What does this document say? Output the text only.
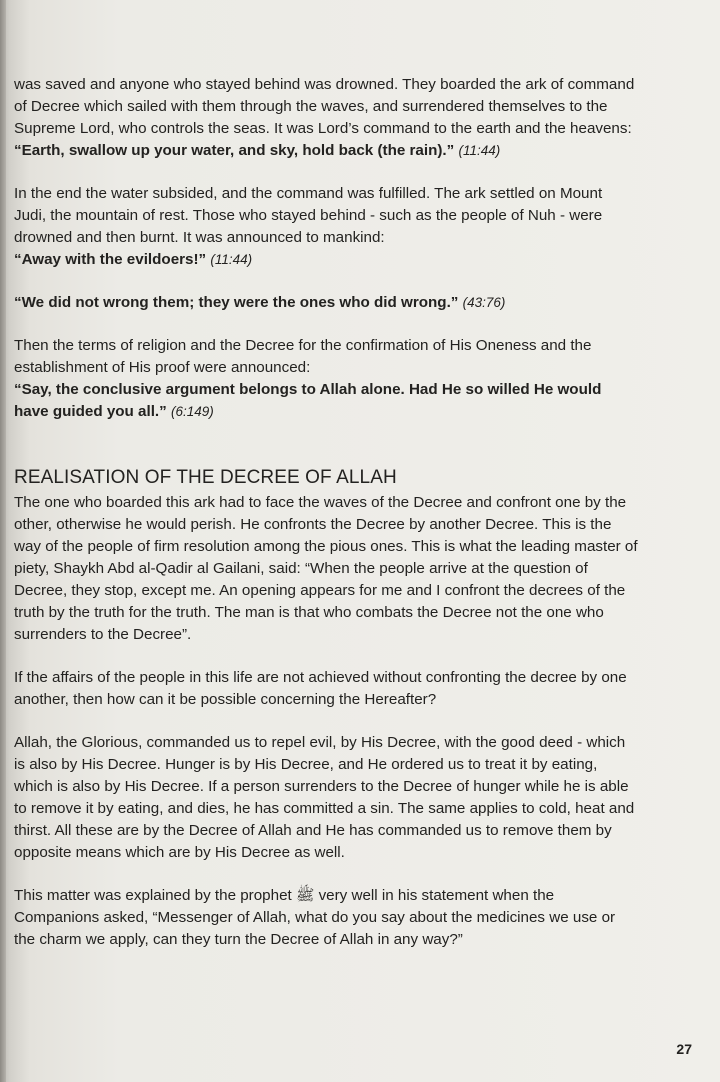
was saved and anyone who stayed behind was drowned. They boarded the ark of command of Decree which sailed with them through the waves, and surrendered themselves to the Supreme Lord, who controls the seas. It was Lord’s command to the earth and the heavens:
“Earth, swallow up your water, and sky, hold back (the rain).” (11:44)

In the end the water subsided, and the command was fulfilled. The ark settled on Mount Judi, the mountain of rest. Those who stayed behind - such as the people of Nuh - were drowned and then burnt. It was announced to mankind:
“Away with the evildoers!” (11:44)

“We did not wrong them; they were the ones who did wrong.” (43:76)

Then the terms of religion and the Decree for the confirmation of His Oneness and the establishment of His proof were announced:
“Say, the conclusive argument belongs to Allah alone. Had He so willed He would have guided you all.” (6:149)

REALISATION OF THE DECREE OF ALLAH

The one who boarded this ark had to face the waves of the Decree and confront one by the other, otherwise he would perish. He confronts the Decree by another Decree. This is the way of the people of firm resolution among the pious ones. This is what the leading master of piety, Shaykh Abd al-Qadir al Gailani, said: “When the people arrive at the question of Decree, they stop, except me. An opening appears for me and I confront the decrees of the truth by the truth for the truth. The man is that who combats the Decree not the one who surrenders to the Decree”.

If the affairs of the people in this life are not achieved without confronting the decree by one another, then how can it be possible concerning the Hereafter?

Allah, the Glorious, commanded us to repel evil, by His Decree, with the good deed - which is also by His Decree. Hunger is by His Decree, and He ordered us to treat it by eating, which is also by His Decree. If a person surrenders to the Decree of hunger while he is able to remove it by eating, and dies, he has committed a sin. The same applies to cold, heat and thirst. All these are by the Decree of Allah and He has commanded us to remove them by opposite means which are by His Decree as well.

This matter was explained by the prophet ﷺ very well in his statement when the Companions asked, “Messenger of Allah, what do you say about the medicines we use or the charm we apply, can they turn the Decree of Allah in any way?”

27
